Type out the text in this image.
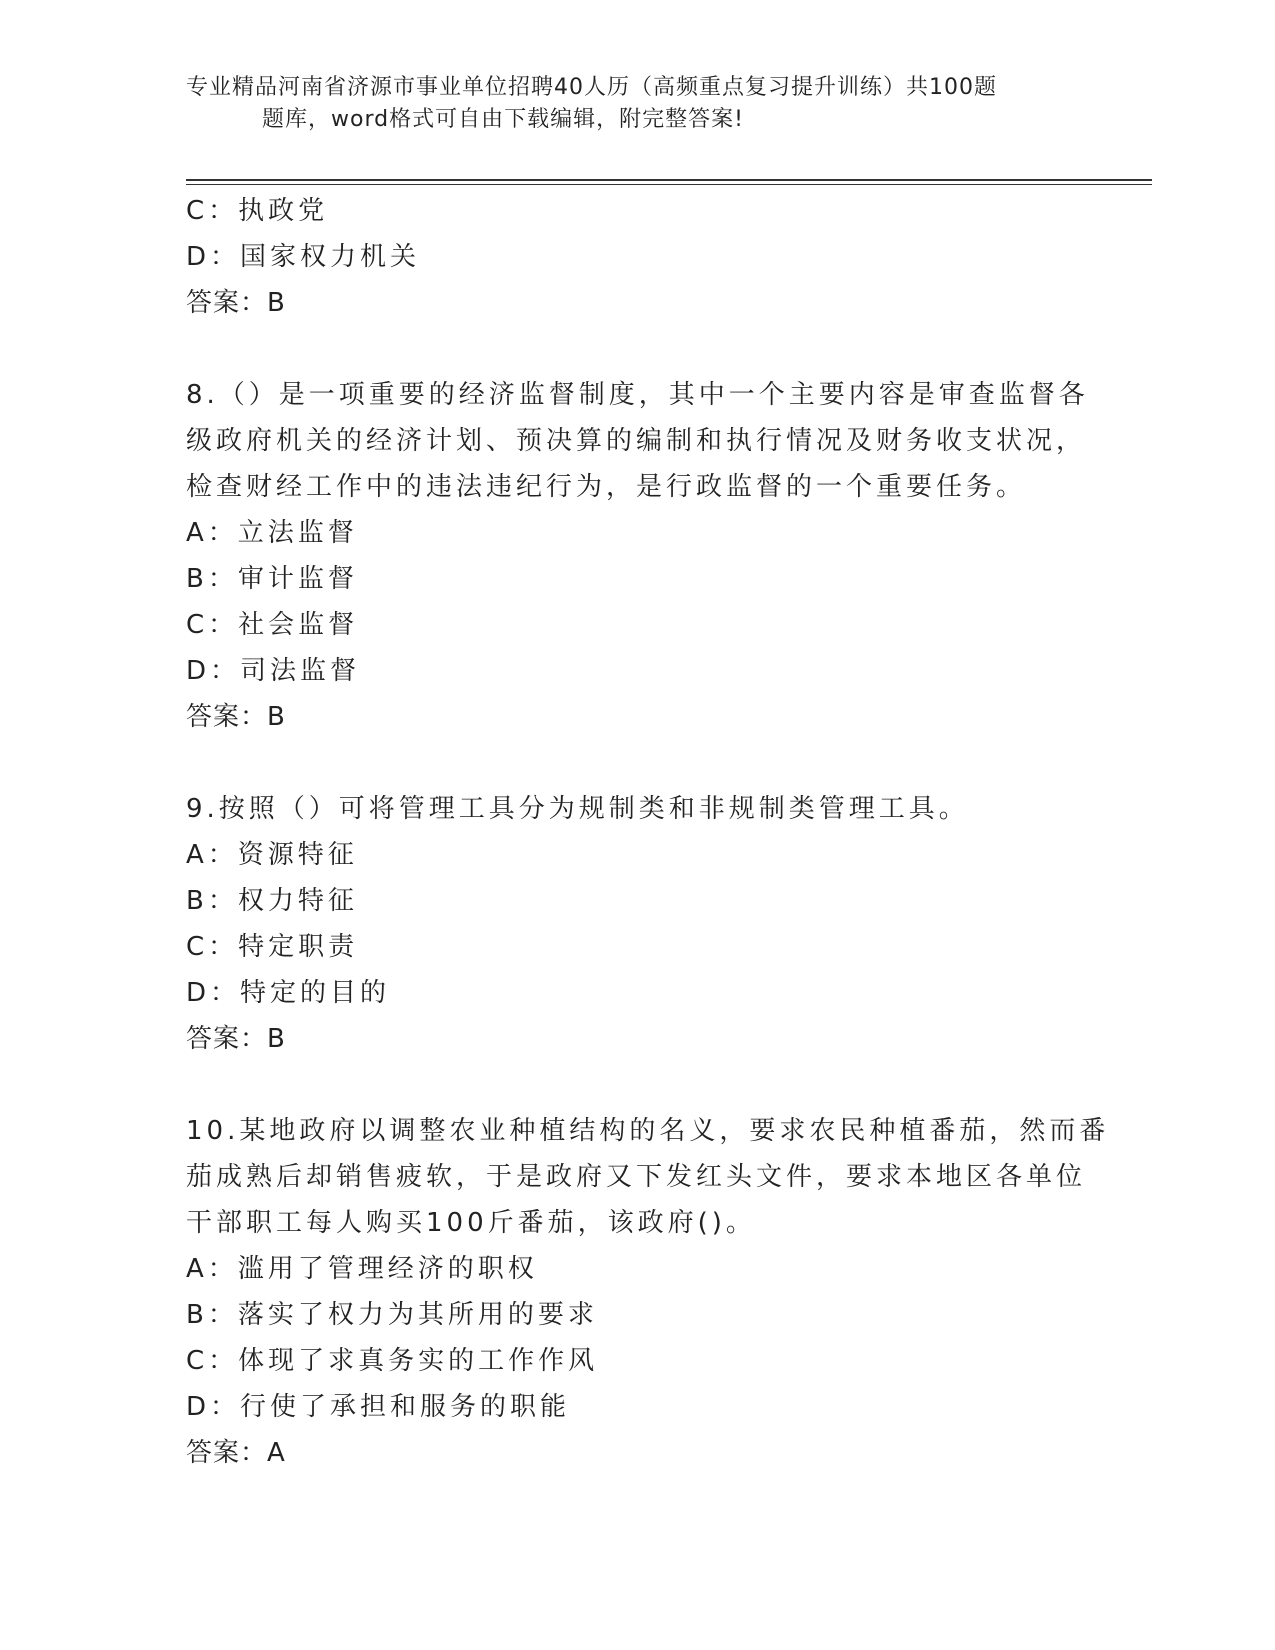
专业精品河南省济源市事业单位招聘40人历（高频重点复习提升训练）共100题
题库，word格式可自由下载编辑，附完整答案!
C：执政党
D：国家权力机关
答案：B
8.（）是一项重要的经济监督制度，其中一个主要内容是审查监督各
级政府机关的经济计划、预决算的编制和执行情况及财务收支状况，
检查财经工作中的违法违纪行为，是行政监督的一个重要任务。
A：立法监督
B：审计监督
C：社会监督
D：司法监督
答案：B
9.按照（）可将管理工具分为规制类和非规制类管理工具。
A：资源特征
B：权力特征
C：特定职责
D：特定的目的
答案：B
10.某地政府以调整农业种植结构的名义，要求农民种植番茄，然而番
茄成熟后却销售疲软，于是政府又下发红头文件，要求本地区各单位
干部职工每人购买100斤番茄，该政府()。
A：滥用了管理经济的职权
B：落实了权力为其所用的要求
C：体现了求真务实的工作作风
D：行使了承担和服务的职能
答案：A
